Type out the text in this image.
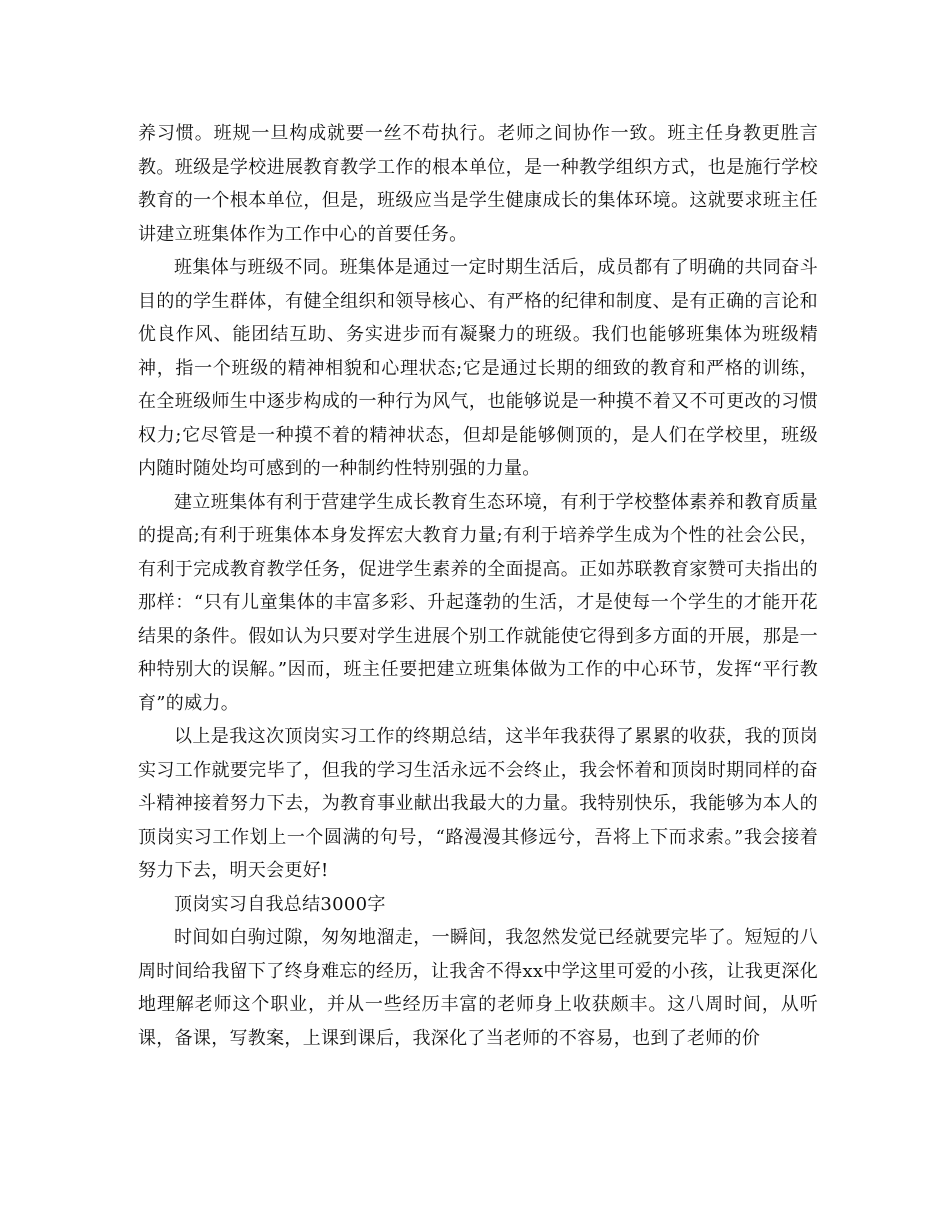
养习惯。班规一旦构成就要一丝不苟执行。老师之间协作一致。班主任身教更胜言教。班级是学校进展教育教学工作的根本单位，是一种教学组织方式，也是施行学校教育的一个根本单位，但是，班级应当是学生健康成长的集体环境。这就要求班主任讲建立班集体作为工作中心的首要任务。

班集体与班级不同。班集体是通过一定时期生活后，成员都有了明确的共同奋斗目的的学生群体，有健全组织和领导核心、有严格的纪律和制度、是有正确的言论和优良作风、能团结互助、务实进步而有凝聚力的班级。我们也能够班集体为班级精神，指一个班级的精神相貌和心理状态;它是通过长期的细致的教育和严格的训练，在全班级师生中逐步构成的一种行为风气，也能够说是一种摸不着又不可更改的习惯权力;它尽管是一种摸不着的精神状态，但却是能够侧顶的，是人们在学校里，班级内随时随处均可感到的一种制约性特别强的力量。

建立班集体有利于营建学生成长教育生态环境，有利于学校整体素养和教育质量的提高;有利于班集体本身发挥宏大教育力量;有利于培养学生成为个性的社会公民，有利于完成教育教学任务，促进学生素养的全面提高。正如苏联教育家赞可夫指出的那样：“只有儿童集体的丰富多彩、升起蓬勃的生活，才是使每一个学生的才能开花结果的条件。假如认为只要对学生进展个别工作就能使它得到多方面的开展，那是一种特别大的误解。”因而，班主任要把建立班集体做为工作的中心环节，发挥“平行教育”的威力。

以上是我这次顶岗实习工作的终期总结，这半年我获得了累累的收获，我的顶岗实习工作就要完毕了，但我的学习生活永远不会终止，我会怀着和顶岗时期同样的奋斗精神接着努力下去，为教育事业献出我最大的力量。我特别快乐，我能够为本人的顶岗实习工作划上一个圆满的句号，“路漫漫其修远兮，吾将上下而求索。”我会接着努力下去，明天会更好!

顶岗实习自我总结3000字

时间如白驹过隙，匆匆地溜走，一瞬间，我忽然发觉已经就要完毕了。短短的八周时间给我留下了终身难忘的经历，让我舍不得xx中学这里可爱的小孩，让我更深化地理解老师这个职业，并从一些经历丰富的老师身上收获颇丰。这八周时间，从听课，备课，写教案，上课到课后，我深化了当老师的不容易，也到了老师的价
